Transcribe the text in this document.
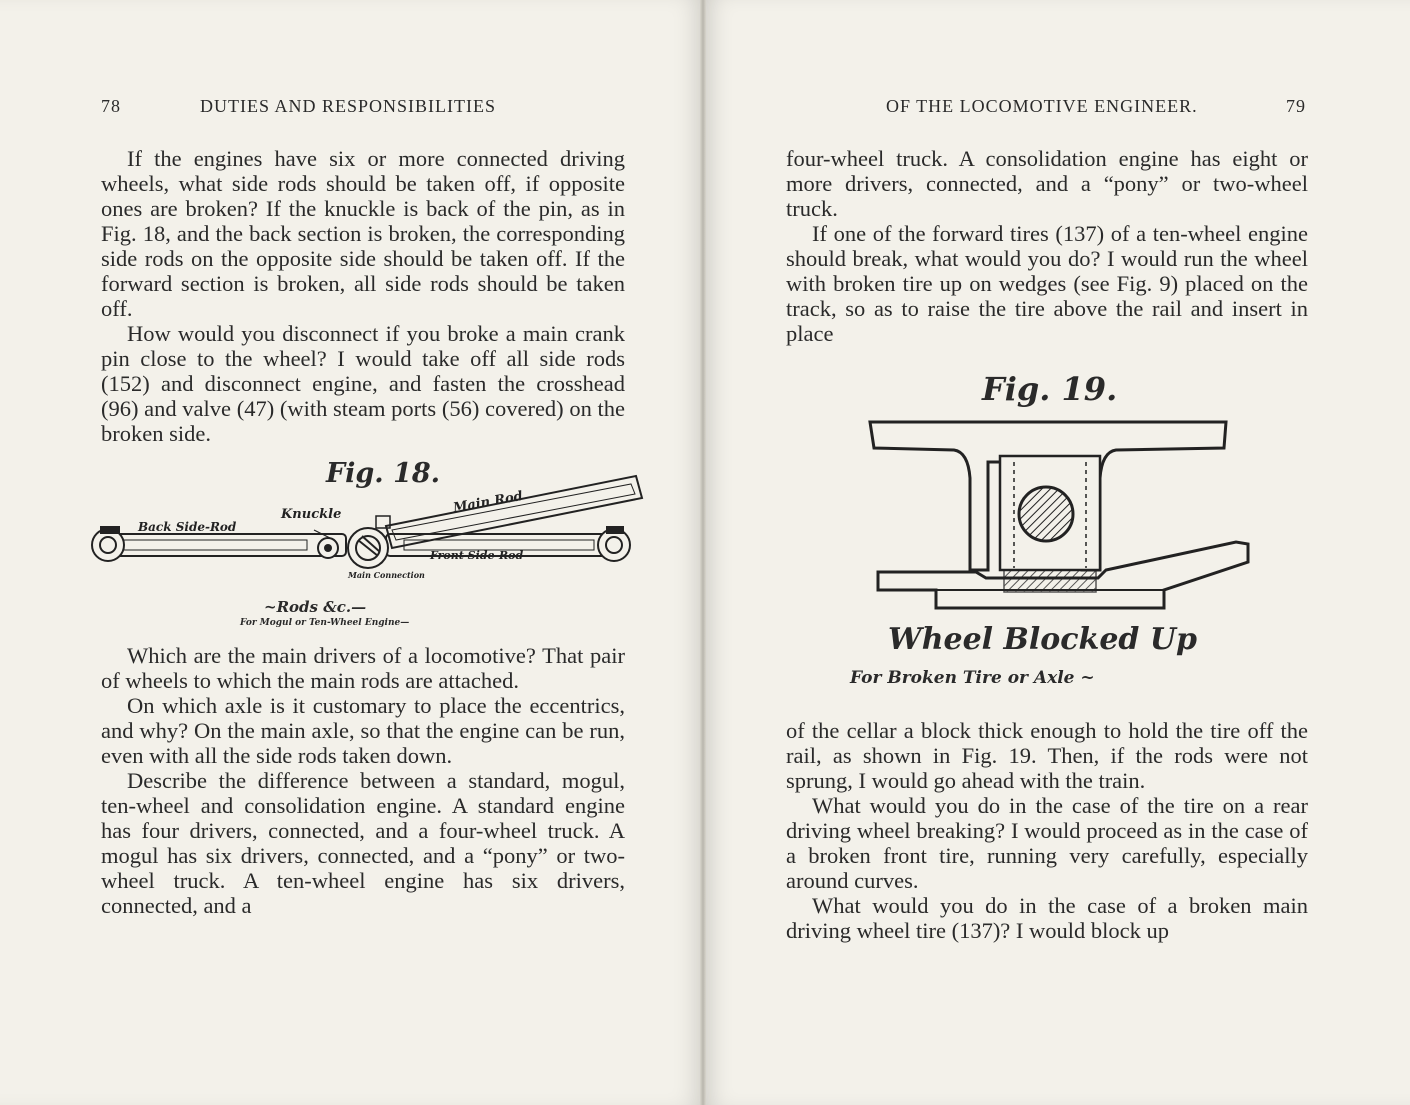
78	DUTIES AND RESPONSIBILITIES

If the engines have six or more connected driving wheels, what side rods should be taken off, if opposite ones are broken? If the knuckle is back of the pin, as in Fig. 18, and the back section is broken, the corresponding side rods on the opposite side should be taken off. If the forward section is broken, all side rods should be taken off.

How would you disconnect if you broke a main crank pin close to the wheel? I would take off all side rods (152) and disconnect engine, and fasten the crosshead (96) and valve (47) (with steam ports (56) covered) on the broken side.

Fig. 18.
Knuckle	Main Rod
Back Side-Rod
Front Side-Rod
Main Connection
~Rods &c.—
For Mogul or Ten-Wheel Engine—

Which are the main drivers of a locomotive? That pair of wheels to which the main rods are attached.

On which axle is it customary to place the eccentrics, and why? On the main axle, so that the engine can be run, even with all the side rods taken down.

Describe the difference between a standard, mogul, ten-wheel and consolidation engine. A standard engine has four drivers, connected, and a four-wheel truck. A mogul has six drivers, connected, and a “pony” or two-wheel truck. A ten-wheel engine has six drivers, connected, and a

OF THE LOCOMOTIVE ENGINEER.	79

four-wheel truck. A consolidation engine has eight or more drivers, connected, and a “pony” or two-wheel truck.

If one of the forward tires (137) of a ten-wheel engine should break, what would you do? I would run the wheel with broken tire up on wedges (see Fig. 9) placed on the track, so as to raise the tire above the rail and insert in place

Fig. 19.
Wheel Blocked Up
For Broken Tire or Axle ~

of the cellar a block thick enough to hold the tire off the rail, as shown in Fig. 19. Then, if the rods were not sprung, I would go ahead with the train.

What would you do in the case of the tire on a rear driving wheel breaking? I would proceed as in the case of a broken front tire, running very carefully, especially around curves.

What would you do in the case of a broken main driving wheel tire (137)? I would block up
